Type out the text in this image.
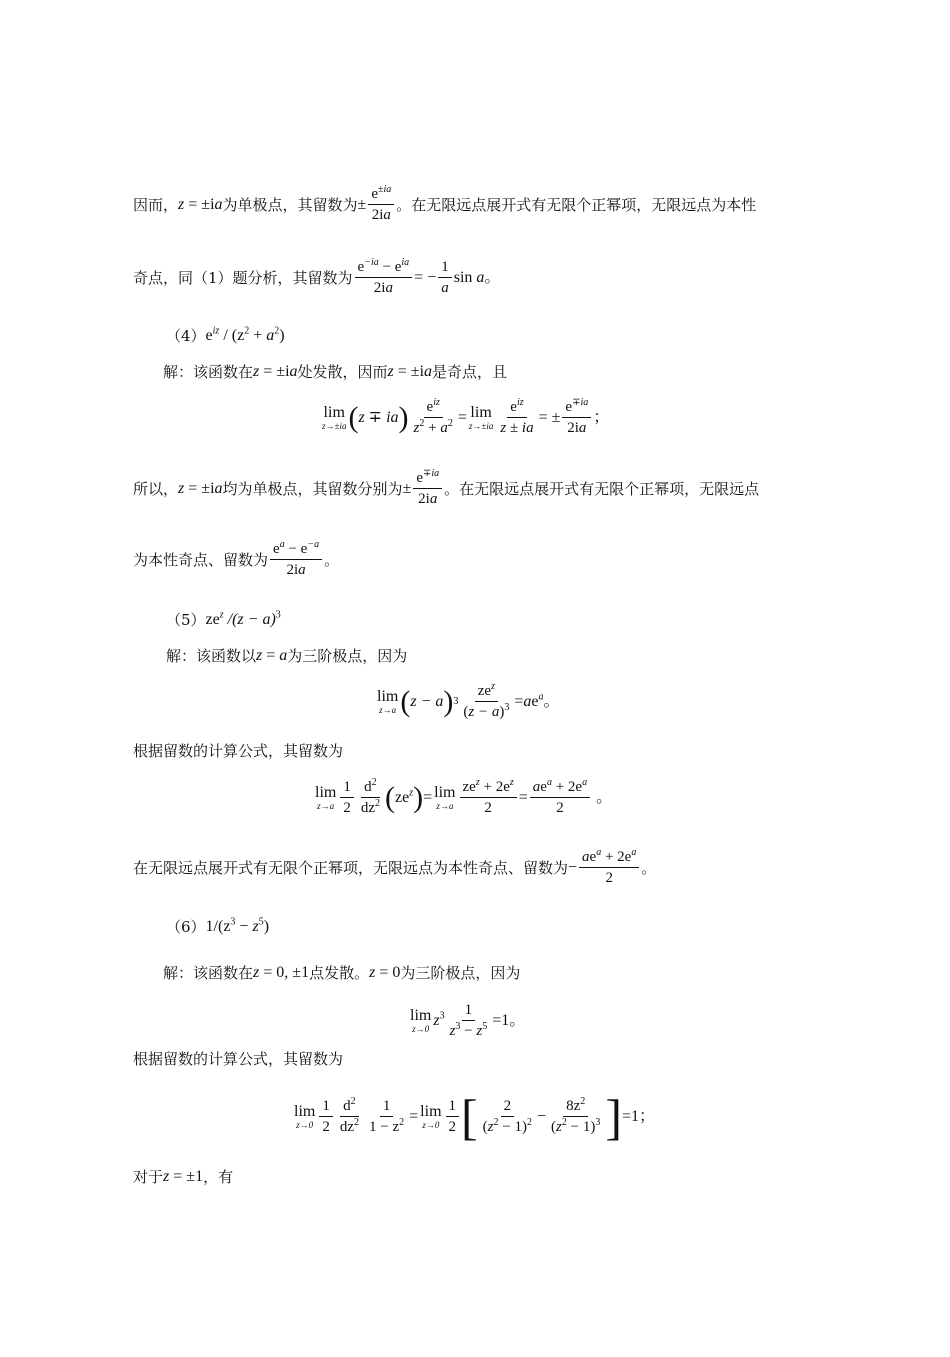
因而， z = ±ia 为单极点，其留数为 ± $\frac{e^{\pm ia}}{2ia}$ 。在无限远点展开式有无限个正幂项，无限远点为本性
奇点，同（1）题分析，其留数为 $\frac{e^{-ia} - e^{ia}}{2ia}$ = − $\frac{1}{a}$ sin a 。
（4） $e^{iz} / (z^2 + a^2)$
解：该函数在 z = ±ia 处发散，因而 z = ±ia 是奇点，且
lim
z→±ia ( z ∓ ia ) $\frac{e^{iz}}{z^2 + a^2} = \lim$
$z\to\pm ia \frac{e^{iz}}{z \pm ia}$ = ± $\frac{e^{\mp ia}}{2ia}$ ；
所以， z = ±ia 均为单极点，其留数分别为 ± $\frac{e^{\mp ia}}{2ia}$ 。在无限远点展开式有无限个正幂项，无限远点
为本性奇点、留数为 $\frac{e^a - e^{-a}}{2ia}$ 。
（5） $ze^z$ $/(z - a)^3$
解：该函数以 z = a 为三阶极点，因为
lim
z→a ( z − a ) $3 \frac{ze^z}{(z - a)^3} = ae^a$ 。
根据留数的计算公式，其留数为
lim
$z\to a \frac{1}{2} \frac{d^2}{dz^2}$ ( $ze^z$ ) = lim
$z\to a \frac{ze^z + 2e^z}{2} = \frac{ae^a + 2e^a}{2}$ 。
在无限远点展开式有无限个正幂项，无限远点为本性奇点、留数为 − $\frac{ae^a + 2e^a}{2}$ 。
（6） $1/(z^3 - z^5)$
解：该函数在 z = 0, ±1 点发散。 z = 0 为三阶极点，因为
lim
z→0 $z^3 \frac{1}{z^3 - z^5} = 1$ 。
根据留数的计算公式，其留数为
lim
$z\to 0 \frac{1}{2} \frac{d^2}{dz^2} \frac{1}{1 - z^2} = \lim$
$z\to 0 \frac{1}{2}$ [ $\frac{2}{(z^2 - 1)^2} - \frac{8z^2}{(z^2 - 1)^3}$ ] = 1 ；
对于 z = ±1 ，有
